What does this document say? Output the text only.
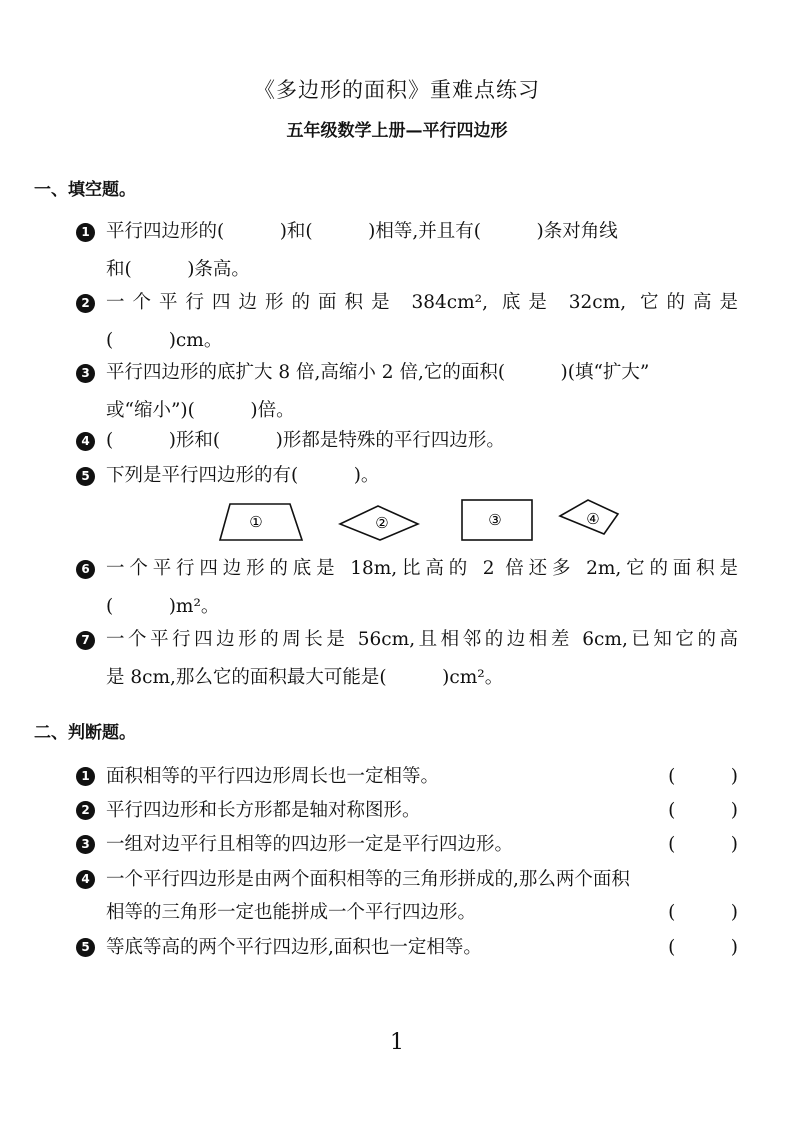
《多边形的面积》重难点练习
五年级数学上册—平行四边形
一、填空题。
1 平行四边形的(　　　)和(　　　)相等,并且有(　　　)条对角线
和(　　　)条高。
2 一个平行四边形的面积是 384cm², 底是 32cm, 它的高是
(　　　)cm。
3 平行四边形的底扩大 8 倍,高缩小 2 倍,它的面积(　　　)(填“扩大”
或“缩小”)(　　　)倍。
4 (　　　)形和(　　　)形都是特殊的平行四边形。
5 下列是平行四边形的有(　　　)。
①	②	③	④
6 一个平行四边形的底是 18m,比高的 2 倍还多 2m,它的面积是
(　　　)m²。
7 一个平行四边形的周长是 56cm,且相邻的边相差 6cm,已知它的高
是 8cm,那么它的面积最大可能是(　　　)cm²。
二、判断题。
1 面积相等的平行四边形周长也一定相等。	(　　　)
2 平行四边形和长方形都是轴对称图形。	(　　　)
3 一组对边平行且相等的四边形一定是平行四边形。	(　　　)
4 一个平行四边形是由两个面积相等的三角形拼成的,那么两个面积
相等的三角形一定也能拼成一个平行四边形。	(　　　)
5 等底等高的两个平行四边形,面积也一定相等。	(　　　)
1
